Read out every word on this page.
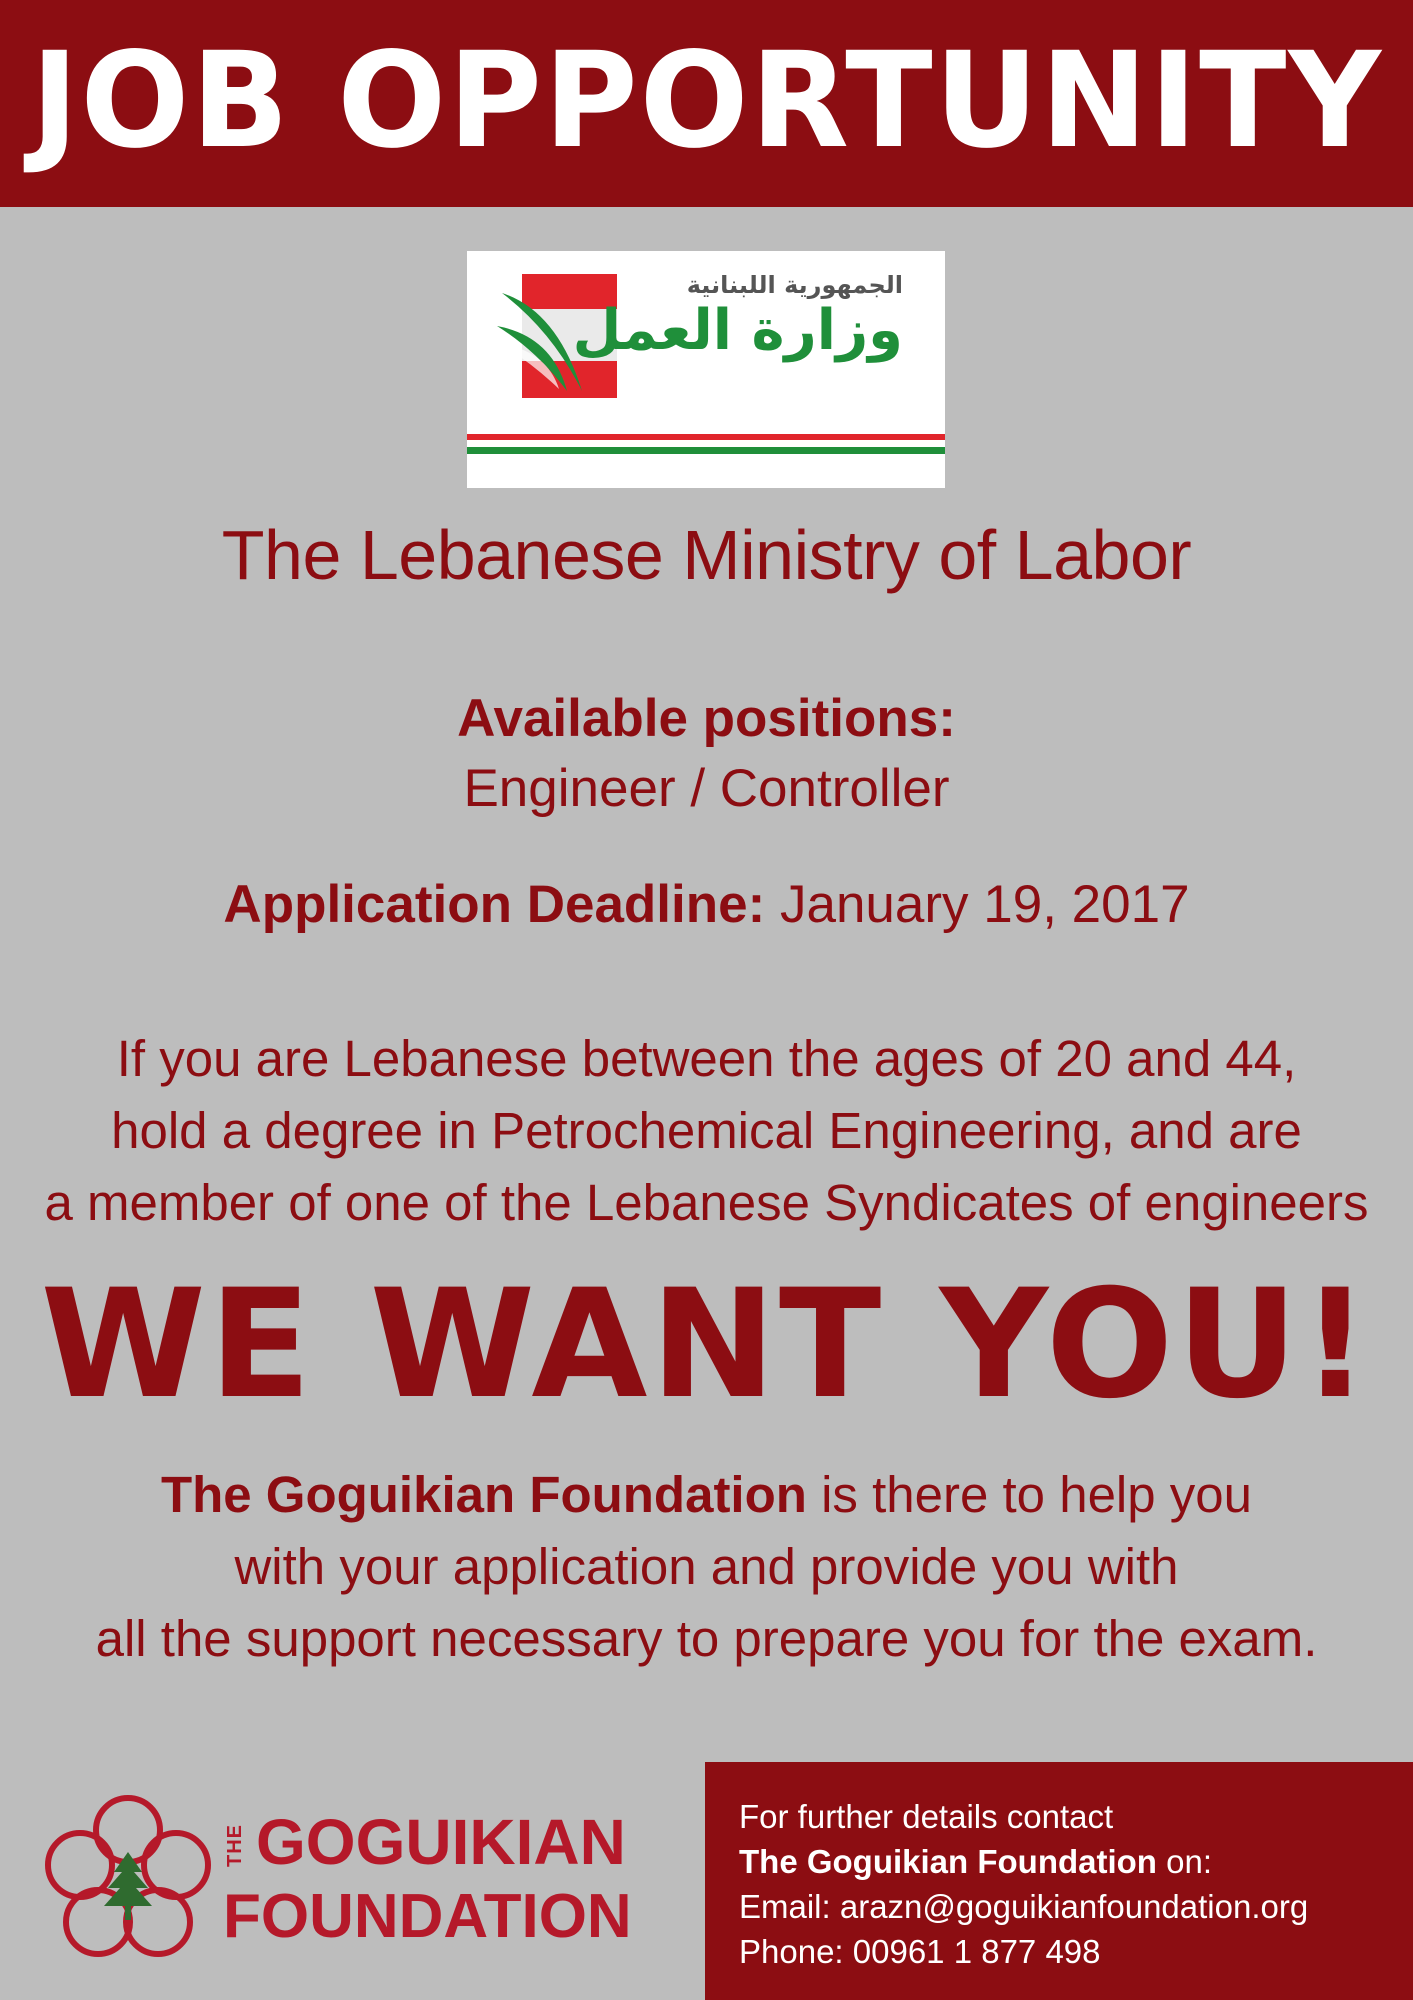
JOB OPPORTUNITY
الجمهورية اللبنانية
وزارة العمل
The Lebanese Ministry of Labor
Available positions:
Engineer / Controller
Application Deadline: January 19, 2017
If you are Lebanese between the ages of 20 and 44,
hold a degree in Petrochemical Engineering, and are
a member of one of the Lebanese Syndicates of engineers
WE WANT YOU!
The Goguikian Foundation is there to help you
with your application and provide you with
all the support necessary to prepare you for the exam.
THE GOGUIKIAN
FOUNDATION
For further details contact
The Goguikian Foundation on:
Email: arazn@goguikianfoundation.org
Phone: 00961 1 877 498
